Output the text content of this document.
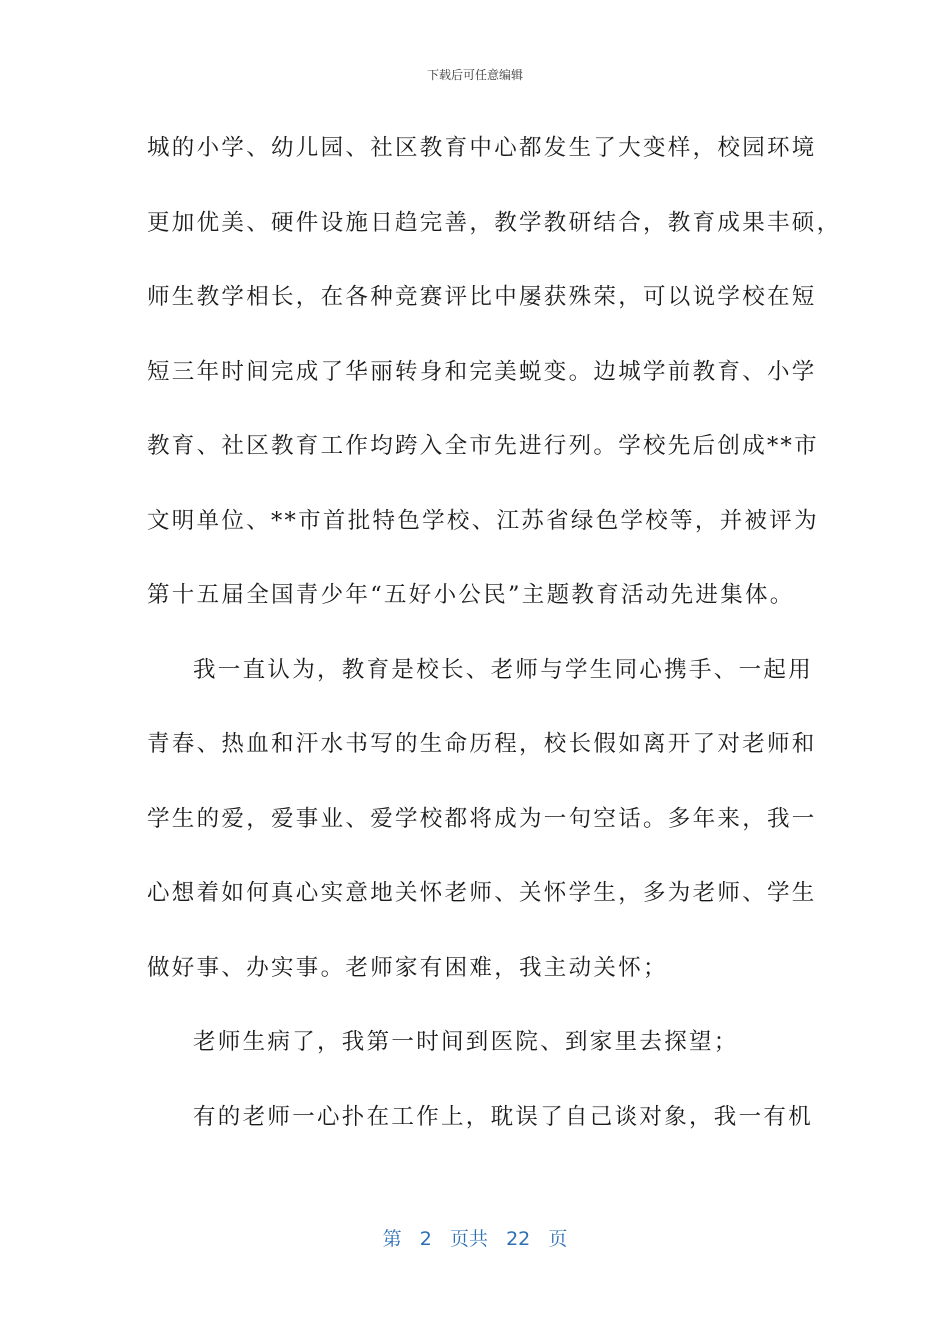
下载后可任意编辑
城的小学、幼儿园、社区教育中心都发生了大变样，校园环境
更加优美、硬件设施日趋完善，教学教研结合，教育成果丰硕，
师生教学相长，在各种竞赛评比中屡获殊荣，可以说学校在短
短三年时间完成了华丽转身和完美蜕变。边城学前教育、小学
教育、社区教育工作均跨入全市先进行列。学校先后创成**市
文明单位、**市首批特色学校、江苏省绿色学校等，并被评为
第十五届全国青少年“五好小公民”主题教育活动先进集体。
我一直认为，教育是校长、老师与学生同心携手、一起用
青春、热血和汗水书写的生命历程，校长假如离开了对老师和
学生的爱，爱事业、爱学校都将成为一句空话。多年来，我一
心想着如何真心实意地关怀老师、关怀学生，多为老师、学生
做好事、办实事。老师家有困难，我主动关怀；
老师生病了，我第一时间到医院、到家里去探望；
有的老师一心扑在工作上，耽误了自己谈对象，我一有机
第 2 页共 22 页
